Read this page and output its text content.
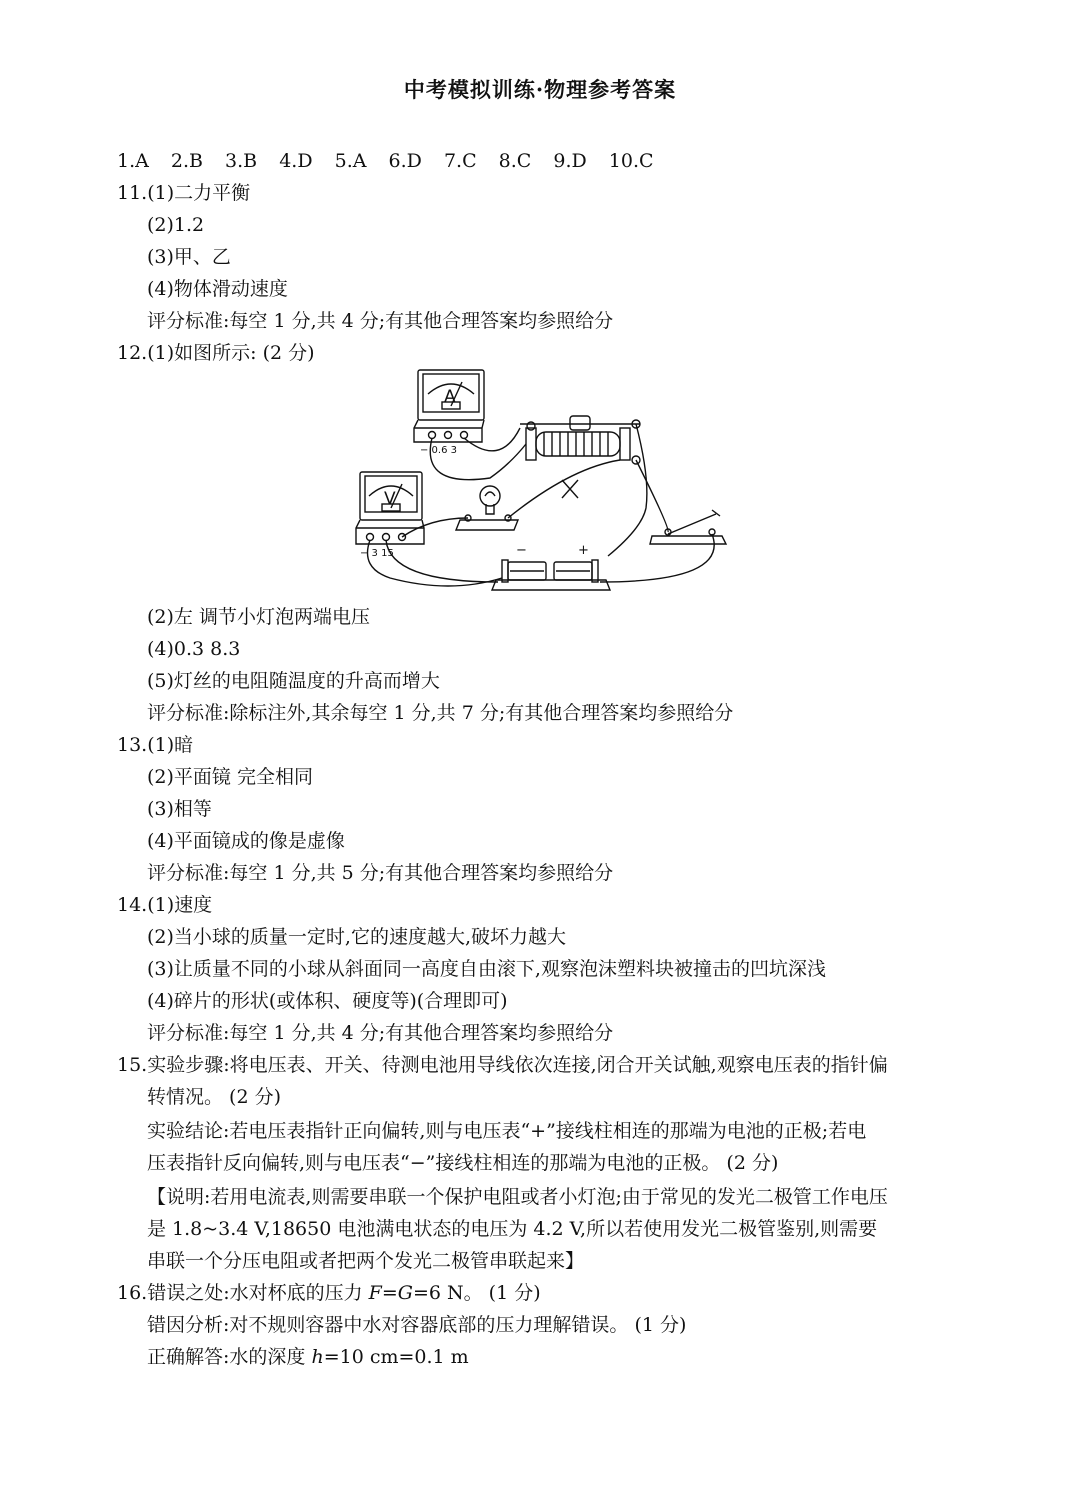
中考模拟训练·物理参考答案
1.A 2.B 3.B 4.D 5.A 6.D 7.C 8.C 9.D 10.C
11.(1)二力平衡
(2)1.2
(3)甲、乙
(4)物体滑动速度
评分标准:每空 1 分,共 4 分;有其他合理答案均参照给分
12.(1)如图所示: (2 分)
A
− 0.6 3
V
− 3 15	−	+
(2)左 调节小灯泡两端电压
(4)0.3 8.3
(5)灯丝的电阻随温度的升高而增大
评分标准:除标注外,其余每空 1 分,共 7 分;有其他合理答案均参照给分
13.(1)暗
(2)平面镜 完全相同
(3)相等
(4)平面镜成的像是虚像
评分标准:每空 1 分,共 5 分;有其他合理答案均参照给分
14.(1)速度
(2)当小球的质量一定时,它的速度越大,破坏力越大
(3)让质量不同的小球从斜面同一高度自由滚下,观察泡沫塑料块被撞击的凹坑深浅
(4)碎片的形状(或体积、硬度等)(合理即可)
评分标准:每空 1 分,共 4 分;有其他合理答案均参照给分
15.实验步骤:将电压表、开关、待测电池用导线依次连接,闭合开关试触,观察电压表的指针偏
转情况。 (2 分)
实验结论:若电压表指针正向偏转,则与电压表“+”接线柱相连的那端为电池的正极;若电
压表指针反向偏转,则与电压表“−”接线柱相连的那端为电池的正极。 (2 分)
【说明:若用电流表,则需要串联一个保护电阻或者小灯泡;由于常见的发光二极管工作电压
是 1.8~3.4 V,18650 电池满电状态的电压为 4.2 V,所以若使用发光二极管鉴别,则需要
串联一个分压电阻或者把两个发光二极管串联起来】
16.错误之处:水对杯底的压力 F=G=6 N。 (1 分)
错因分析:对不规则容器中水对容器底部的压力理解错误。 (1 分)
正确解答:水的深度 h=10 cm=0.1 m
